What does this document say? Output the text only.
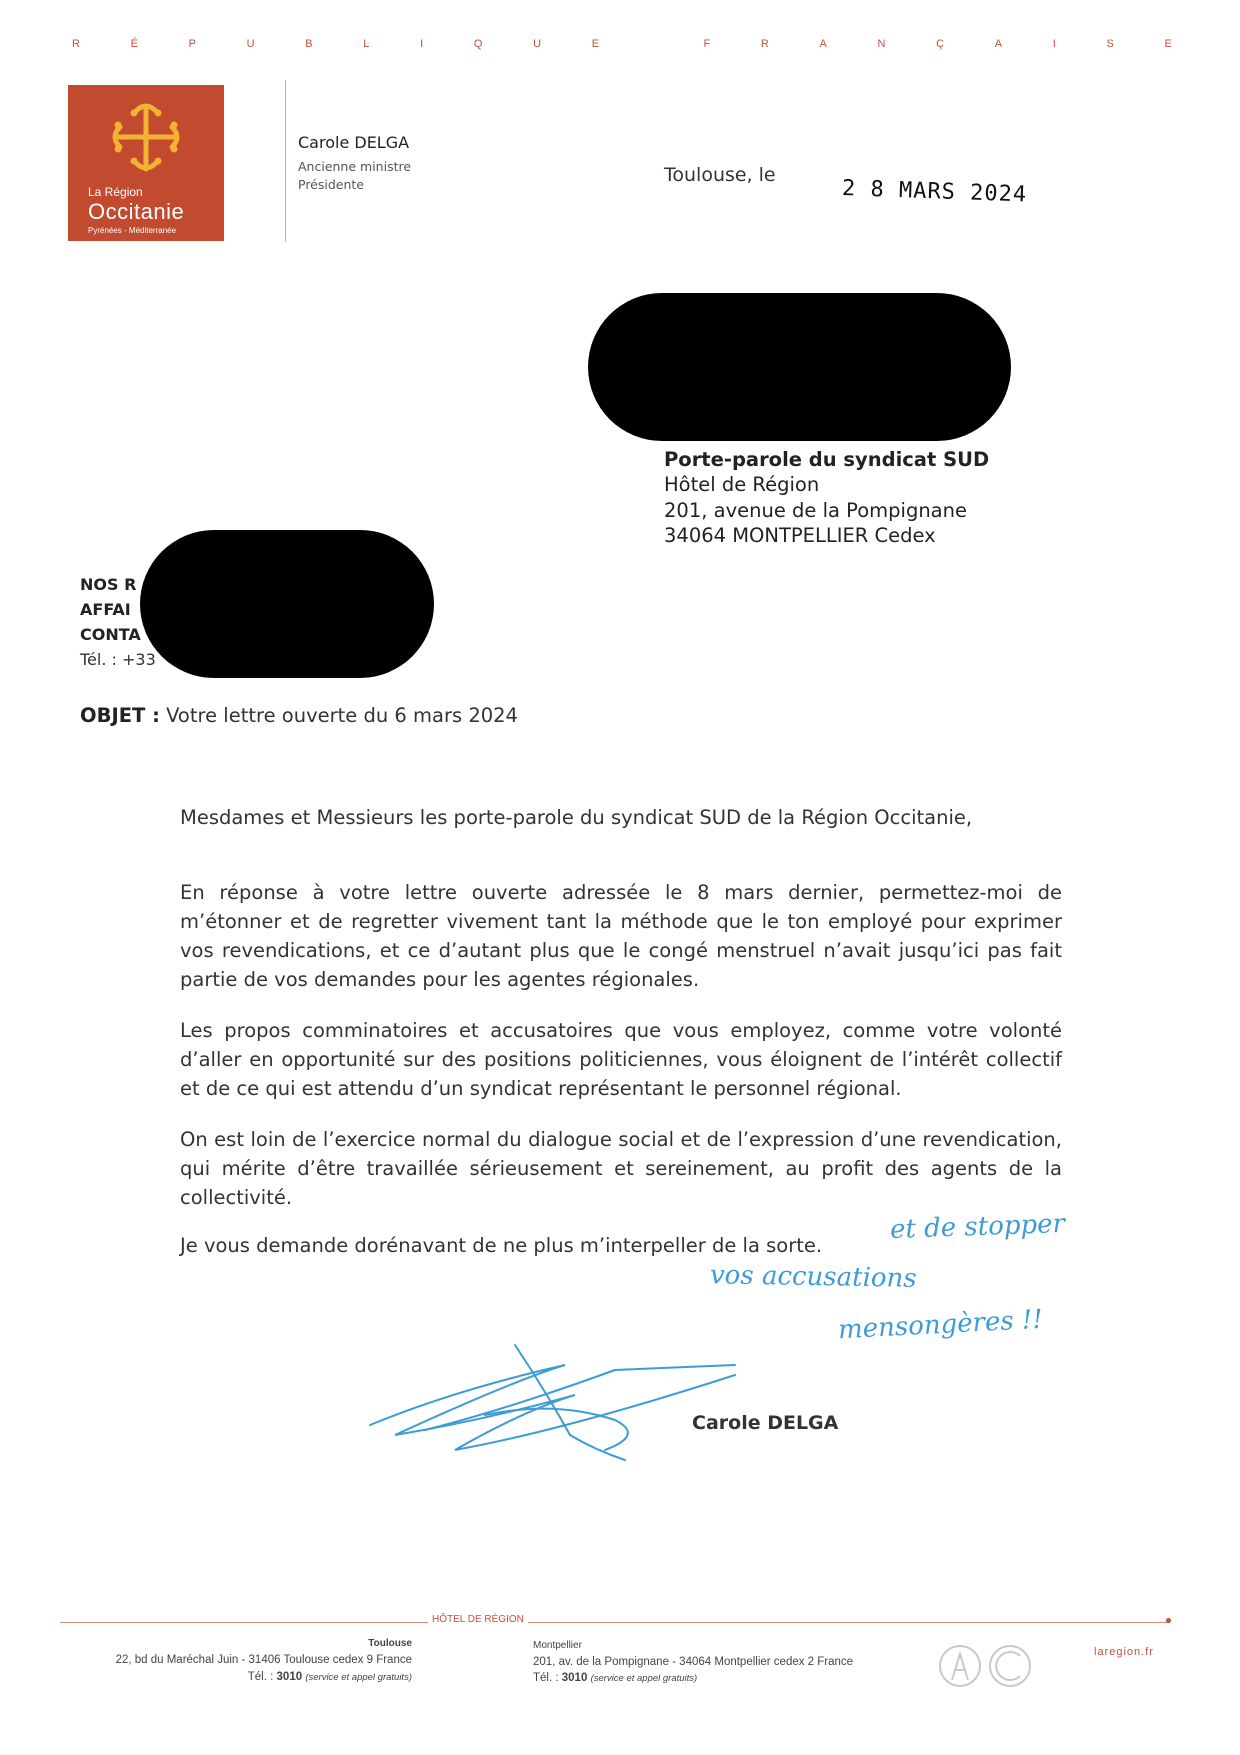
R	É	P	U	B	L	I	Q	U	E
	F	R	A	N	Ç	A	I	S	E
La Région
Occitanie
Pyrénées - Méditerranée
Carole DELGA
Ancienne ministre
Présidente	Toulouse, le
2 8 MARS 2024
Porte-parole du syndicat SUD
Hôtel de Région
201, avenue de la Pompignane
34064 MONTPELLIER Cedex
NOS R
AFFAI
CONTA
Tél. : +33
OBJET : Votre lettre ouverte du 6 mars 2024
Mesdames et Messieurs les porte-parole du syndicat SUD de la Région Occitanie,

En réponse à votre lettre ouverte adressée le 8 mars dernier, permettez-moi de m’étonner et de regretter vivement tant la méthode que le ton employé pour exprimer vos revendications, et ce d’autant plus que le congé menstruel n’avait jusqu’ici pas fait partie de vos demandes pour les agentes régionales.

Les propos comminatoires et accusatoires que vous employez, comme votre volonté d’aller en opportunité sur des positions politiciennes, vous éloignent de l’intérêt collectif et de ce qui est attendu d’un syndicat représentant le personnel régional.

On est loin de l’exercice normal du dialogue social et de l’expression d’une revendication, qui mérite d’être travaillée sérieusement et sereinement, au profit des agents de la collectivité.

Je vous demande dorénavant de ne plus m’interpeller de la sorte.

et de stopper
vos accusations
mensongères !!
Carole DELGA
HÔTEL DE RÉGION
Toulouse
22, bd du Maréchal Juin - 31406 Toulouse cedex 9 France
Tél. : 3010 (service et appel gratuits)
Montpellier
201, av. de la Pompignane - 34064 Montpellier cedex 2 France
Tél. : 3010 (service et appel gratuits)
laregion.fr
